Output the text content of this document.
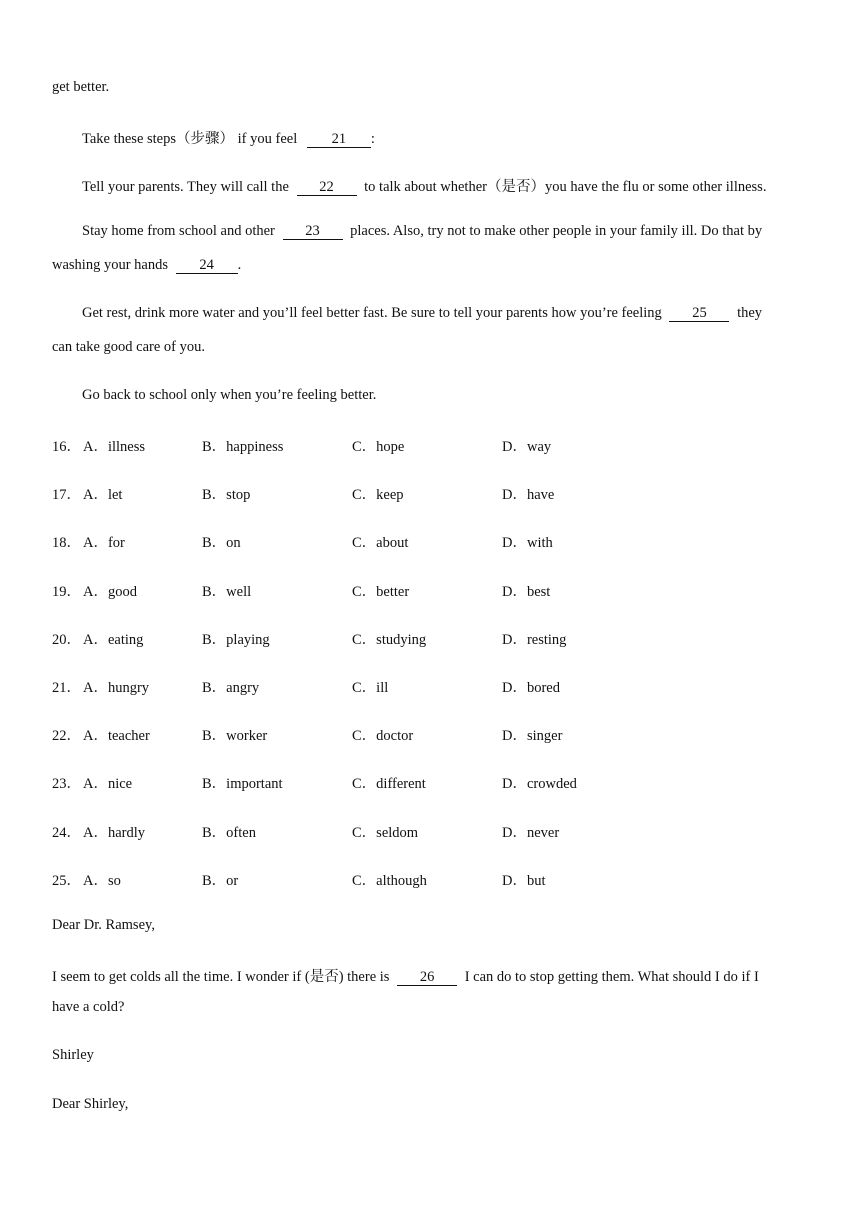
get better.
Take these steps（步骤） if you feel 21 :
Tell your parents. They will call the 22 to talk about whether（是否）you have the flu or some other illness.
Stay home from school and other 23 places. Also, try not to make other people in your family ill. Do that by
washing your hands 24 .
Get rest, drink more water and you’ll feel better fast. Be sure to tell your parents how you’re feeling 25 they
can take good care of you.
Go back to school only when you’re feeling better.
16． A．illness	B．happiness	C．hope	D．way
17． A．let	B．stop	C．keep	D．have
18． A．for	B．on	C．about	D．with
19． A．good	B．well	C．better	D．best
20． A．eating	B．playing	C．studying	D．resting
21． A．hungry	B．angry	C．ill	D．bored
22． A．teacher	B．worker	C．doctor	D．singer
23． A．nice	B．important	C．different	D．crowded
24． A．hardly	B．often	C．seldom	D．never
25． A．so	B．or	C．although	D．but
Dear Dr. Ramsey,
I seem to get colds all the time. I wonder if (是否) there is 26 I can do to stop getting them. What should I do if I
have a cold?
Shirley
Dear Shirley,
